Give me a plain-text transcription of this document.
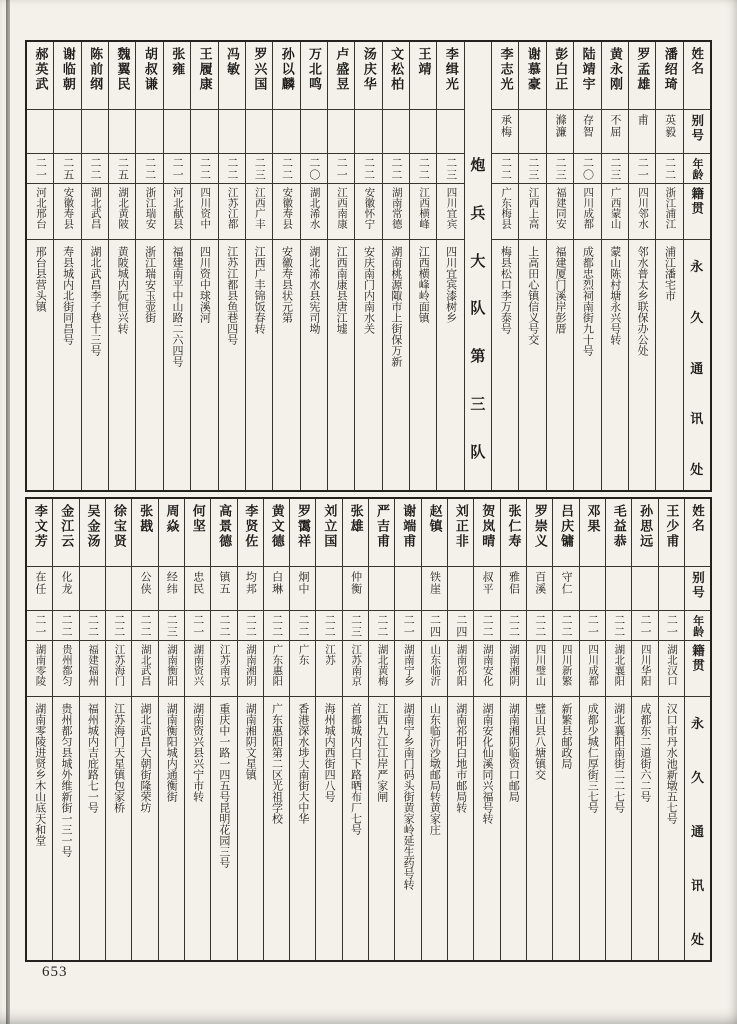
郝英武
二一
河北邢台
邢台县营头镇
谢临朝
二五
安徽寿县
寿县城内北街同昌号
陈前纲
二二
湖北武昌
湖北武昌李子巷十三号
魏翼民
二五
湖北黄陂
黄陂城内阮恒兴转
胡叔谦
二二
浙江瑞安
浙江瑞安玉壶街
张雍
二一
河北献县
福建南平中山路二六四号
王履康
二二
四川资中
四川资中球溪河
冯敏
二二
江苏江都
江苏江都县鱼巷四号
罗兴国
二三
江西广丰
江西广丰锦饭春转
孙以麟
二二
安徽寿县
安徽寿县状元第
万北鸣
二〇
湖北浠水
湖北浠水县宪司坳
卢盛昱
二一
江西南康
江西南康县唐江墟
汤庆华
二二
安徽怀宁
安庆南门内南水关
文松柏
二二
湖南常德
湖南桃源陬市上街保万新
王靖
二二
江西横峰
江西横峰岭面镇
李缉光
二三
四川宜宾
四川宜宾漆树乡
炮
兵
大
队
第
三
队
李志光
承梅
二二
广东梅县
梅县松口李万泰号
谢慕豪
二三
江西上高
上高田心镇信义号交
彭白正
滌濂
二三
福建同安
福建厦门溪岸彭厝
陆靖宇
存智
二〇
四川成都
成都忠烈祠南街九十号
黄永刚
不屈
二三
广西蒙山
蒙山陈村塘永兴号转
罗孟雄
甫
二一
四川邻水
邻水普太乡联保办公处
潘绍琦
英毅
二二
浙江浦江
浦江潘宅市
姓名
别号
年龄
籍贯
永
久
通
讯
处
李文芳
在任
二一
湖南零陵
湖南零陵进贤乡木山底天和堂
金江云
化龙
二二
贵州都匀
贵州都匀县城外维新街一三一号
吴金汤
二二
福建福州
福州城内吉庇路七一号
徐宝贤
二二
江苏海门
江苏海门天星镇包家桥
张戡
公侠
二二
湖北武昌
湖北武昌大朝街隆荣坊
周焱
经纬
二三
湖南衡阳
湖南衡阳城内通衡街
何坚
忠民
二一
湖南资兴
湖南资兴县兴宁市转
高景德
镇五
二二
江苏南京
重庆中一路一四五号昆明花园三号
李贤佐
均邦
二二
湖南湘阴
湖南湘阴文星镇
黄文德
白琳
二二
广东惠阳
广东惠阳第二区光祖学校
罗霭祥
炯中
二二
广东
香港深水埗大南街大中华
刘立国
二二
江苏
海州城内西街四八号
张雄
仲衡
二三
江苏南京
首都城内白下路晒布厂七号
严吉甫
二二
湖北黄梅
江西九江江岸严家闸
谢端甫
二一
湖南宁乡
湖南宁乡南门码头街黄家岭延生药号转
赵镇
铁崖
二四
山东临沂
山东临沂沙墩邮局转黄家庄
刘正非
二四
湖南祁阳
湖南祁阳白地市邮局转
贺岚晴
叔平
二二
湖南安化
湖南安化仙溪同兴福号转
张仁寿
雅侣
二二
湖南湘阴
湖南湘阴临资口邮局
罗崇义
百溪
二二
四川璧山
璧山县八塘镇交
吕庆镛
守仁
二二
四川新繁
新繁县邮政局
邓果
二一
四川成都
成都少城仁厚街三七号
毛益恭
二二
湖北襄阳
湖北襄阳南街二二七号
孙思远
二一
四川华阳
成都东二道街六二号
王少甫
二一
湖北汉口
汉口市丹水池新墩五七号
姓名
别号
年龄
籍贯
永
久
通
讯
处
653
